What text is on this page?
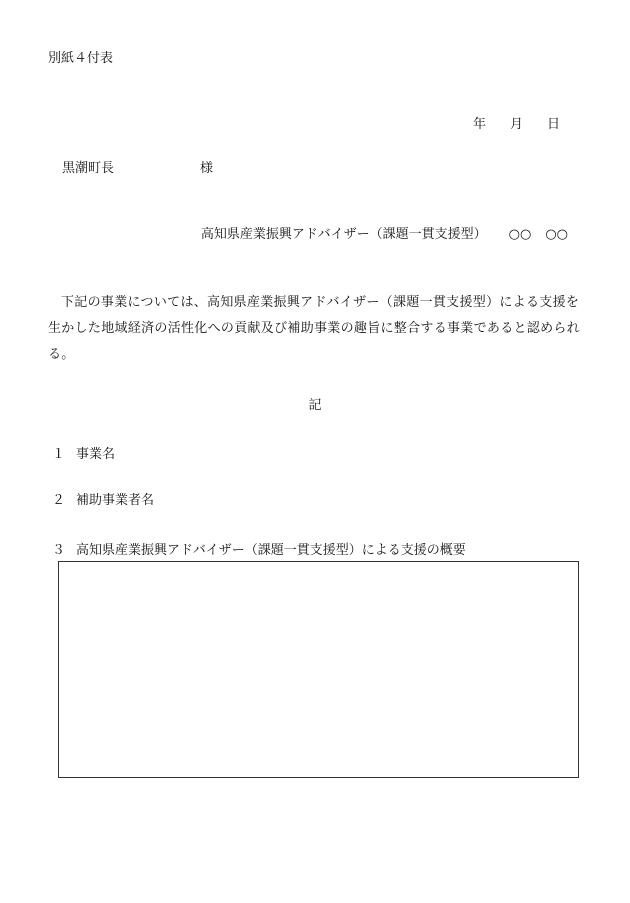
別紙４付表
年 月 日
黒潮町長	様
高知県産業振興アドバイザー（課題一貫支援型） ○○ ○○
下記の事業については、高知県産業振興アドバイザー（課題一貫支援型）による支援を生かした地域経済の活性化への貢献及び補助事業の趣旨に整合する事業であると認められる。
記
１ 事業名
２ 補助事業者名
３ 高知県産業振興アドバイザー（課題一貫支援型）による支援の概要
